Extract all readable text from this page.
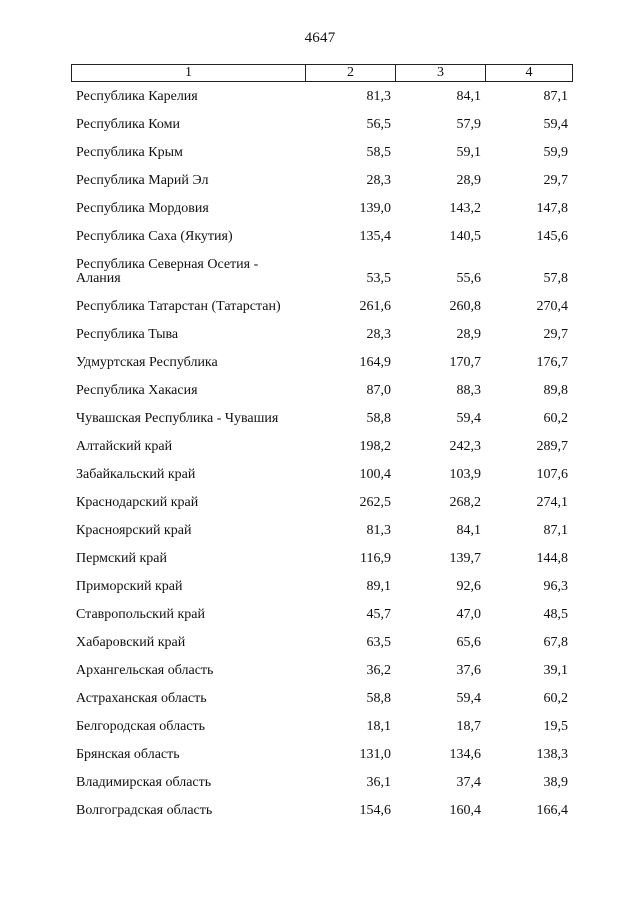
4647
1	2	3	4
Республика Карелия	81,3	84,1	87,1
Республика Коми	56,5	57,9	59,4
Республика Крым	58,5	59,1	59,9
Республика Марий Эл	28,3	28,9	29,7
Республика Мордовия	139,0	143,2	147,8
Республика Саха (Якутия)	135,4	140,5	145,6
Республика Северная Осетия -
Алания	53,5	55,6	57,8
Республика Татарстан (Татарстан)	261,6	260,8	270,4
Республика Тыва	28,3	28,9	29,7
Удмуртская Республика	164,9	170,7	176,7
Республика Хакасия	87,0	88,3	89,8
Чувашская Республика - Чувашия	58,8	59,4	60,2
Алтайский край	198,2	242,3	289,7
Забайкальский край	100,4	103,9	107,6
Краснодарский край	262,5	268,2	274,1
Красноярский край	81,3	84,1	87,1
Пермский край	116,9	139,7	144,8
Приморский край	89,1	92,6	96,3
Ставропольский край	45,7	47,0	48,5
Хабаровский край	63,5	65,6	67,8
Архангельская область	36,2	37,6	39,1
Астраханская область	58,8	59,4	60,2
Белгородская область	18,1	18,7	19,5
Брянская область	131,0	134,6	138,3
Владимирская область	36,1	37,4	38,9
Волгоградская область	154,6	160,4	166,4
